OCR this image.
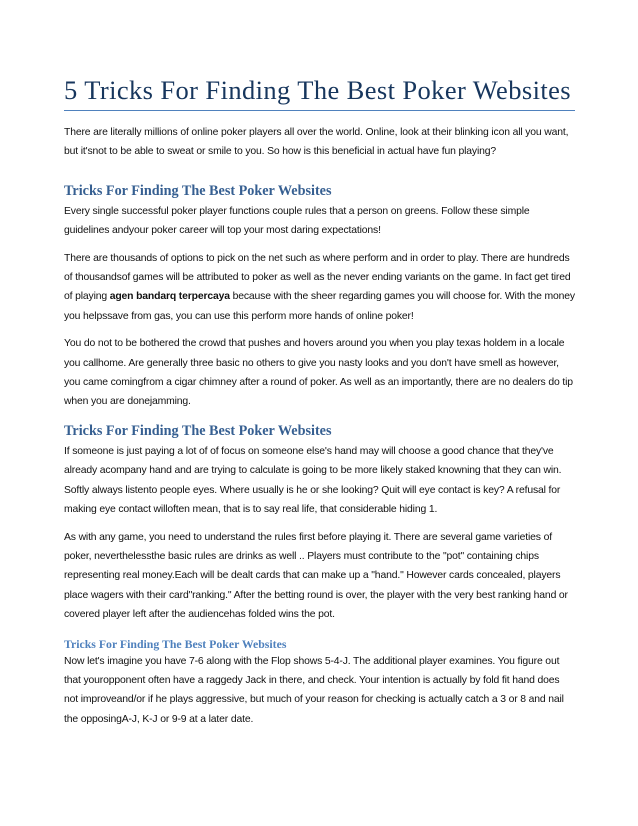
5 Tricks For Finding The Best Poker Websites

There are literally millions of online poker players all over the world. Online, look at their blinking icon all you want, but it'snot to be able to sweat or smile to you. So how is this beneficial in actual have fun playing?

Tricks For Finding The Best Poker Websites

Every single successful poker player functions couple rules that a person on greens. Follow these simple guidelines andyour poker career will top your most daring expectations!

There are thousands of options to pick on the net such as where perform and in order to play. There are hundreds of thousandsof games will be attributed to poker as well as the never ending variants on the game. In fact get tired of playing agen bandarq terpercaya because with the sheer regarding games you will choose for. With the money you helpssave from gas, you can use this perform more hands of online poker!

You do not to be bothered the crowd that pushes and hovers around you when you play texas holdem in a locale you callhome. Are generally three basic no others to give you nasty looks and you don't have smell as however, you came comingfrom a cigar chimney after a round of poker. As well as an importantly, there are no dealers do tip when you are donejamming.

Tricks For Finding The Best Poker Websites

If someone is just paying a lot of of focus on someone else's hand may will choose a good chance that they've already acompany hand and are trying to calculate is going to be more likely staked knowning that they can win. Softly always listento people eyes. Where usually is he or she looking? Quit will eye contact is key? A refusal for making eye contact willoften mean, that is to say real life, that considerable hiding 1.

As with any game, you need to understand the rules first before playing it. There are several game varieties of poker, neverthelessthe basic rules are drinks as well .. Players must contribute to the "pot" containing chips representing real money.Each will be dealt cards that can make up a "hand." However cards concealed, players place wagers with their card"ranking." After the betting round is over, the player with the very best ranking hand or covered player left after the audiencehas folded wins the pot.

Tricks For Finding The Best Poker Websites

Now let's imagine you have 7-6 along with the Flop shows 5-4-J. The additional player examines. You figure out that youropponent often have a raggedy Jack in there, and check. Your intention is actually by fold fit hand does not improveand/or if he plays aggressive, but much of your reason for checking is actually catch a 3 or 8 and nail the opposingA-J, K-J or 9-9 at a later date.
